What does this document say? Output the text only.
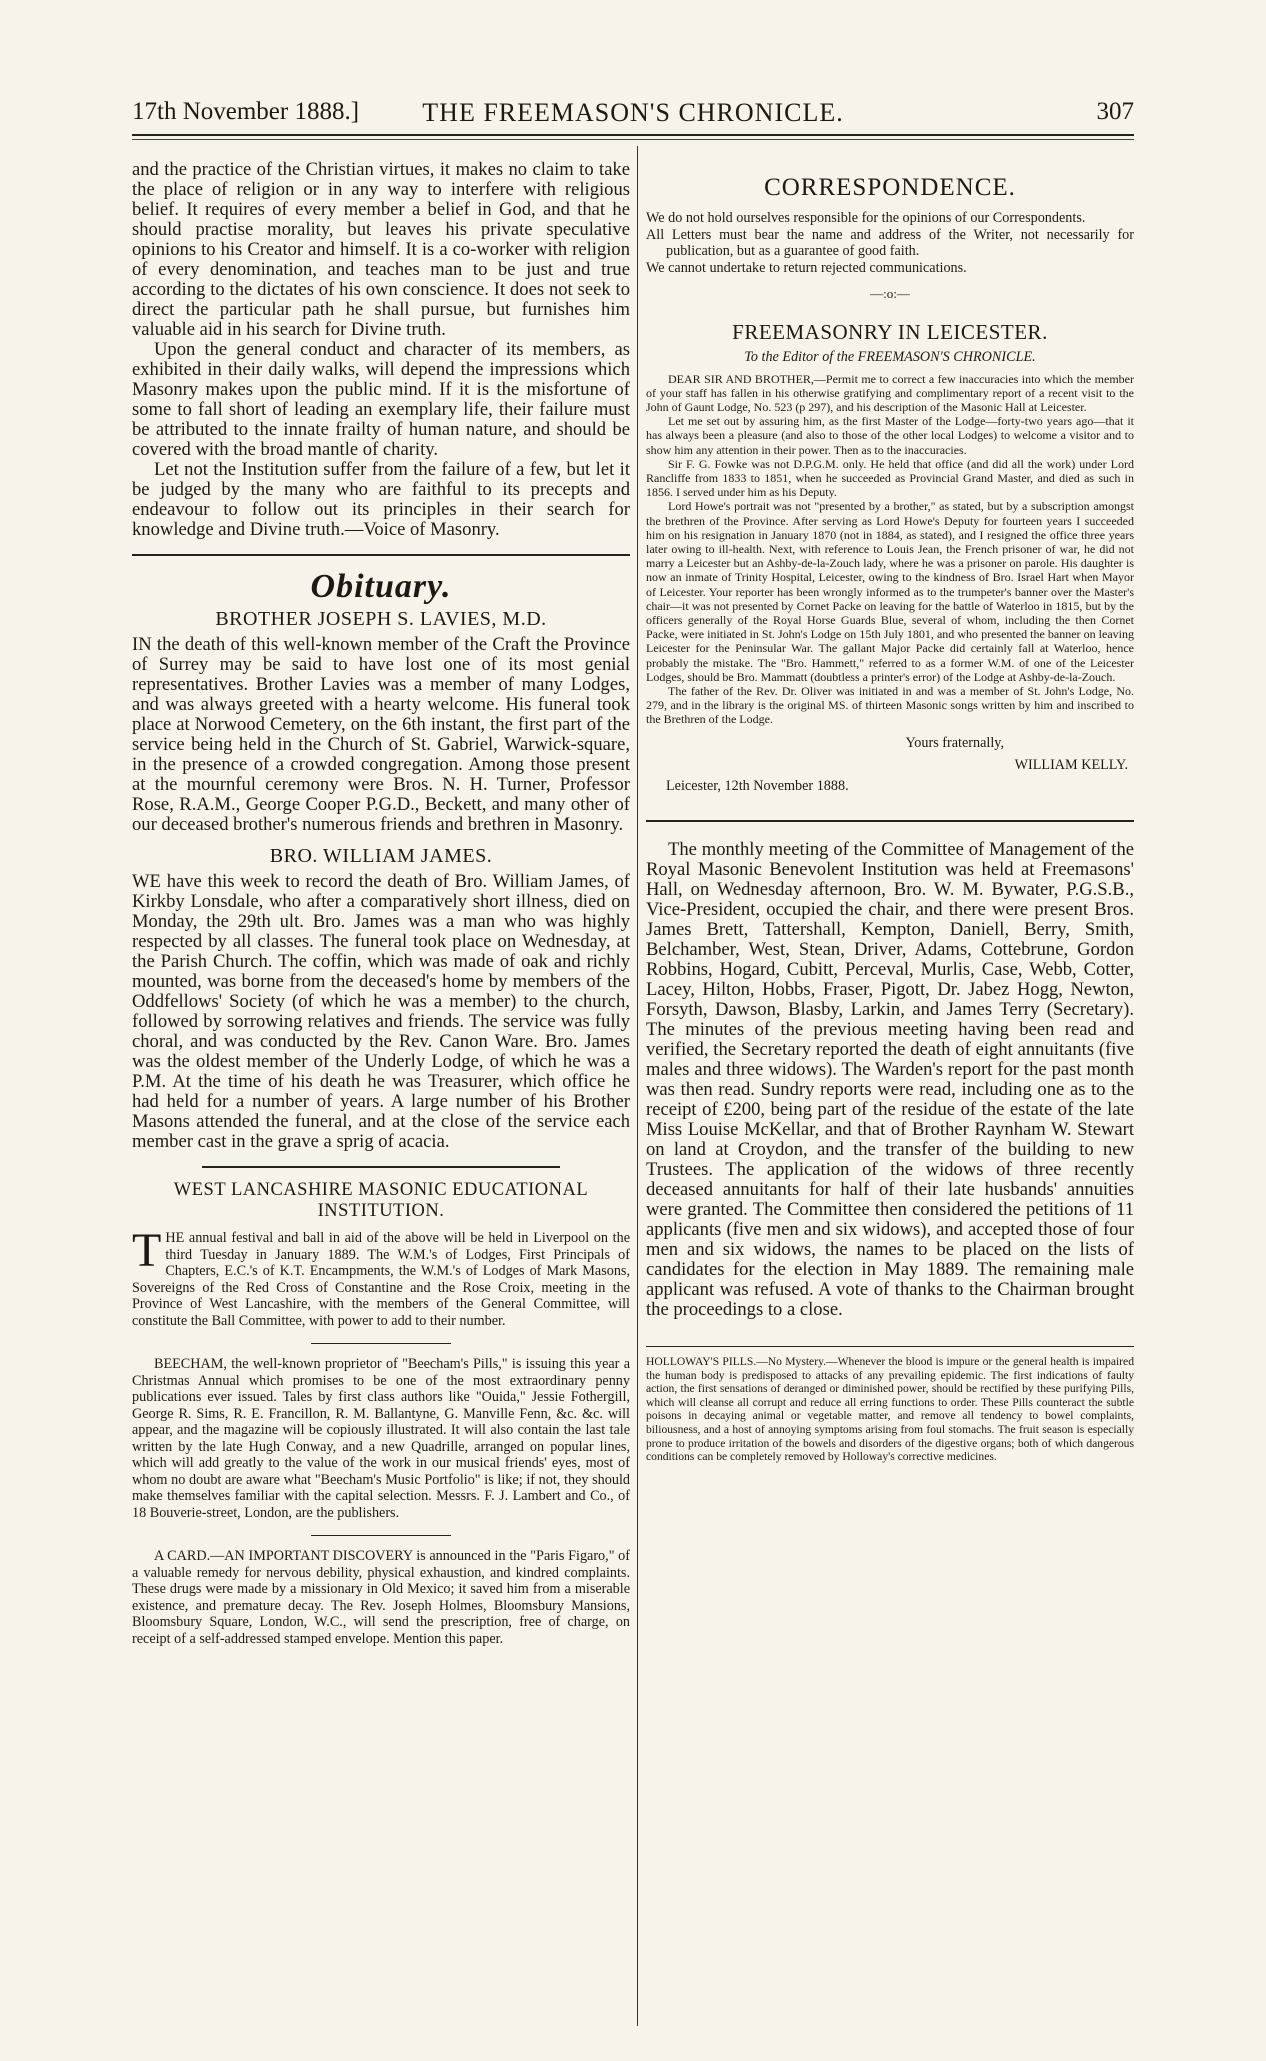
17th November 1888.]	THE FREEMASON'S CHRONICLE.	307

and the practice of the Christian virtues, it makes no claim to take the place of religion or in any way to interfere with religious belief. It requires of every member a belief in God, and that he should practise morality, but leaves his private speculative opinions to his Creator and himself. It is a co-worker with religion of every denomination, and teaches man to be just and true according to the dictates of his own conscience. It does not seek to direct the particular path he shall pursue, but furnishes him valuable aid in his search for Divine truth.

Upon the general conduct and character of its members, as exhibited in their daily walks, will depend the impressions which Masonry makes upon the public mind. If it is the misfortune of some to fall short of leading an exemplary life, their failure must be attributed to the innate frailty of human nature, and should be covered with the broad mantle of charity.

Let not the Institution suffer from the failure of a few, but let it be judged by the many who are faithful to its precepts and endeavour to follow out its principles in their search for knowledge and Divine truth.—Voice of Masonry.

Obituary.
BROTHER JOSEPH S. LAVIES, M.D.

IN the death of this well-known member of the Craft the Province of Surrey may be said to have lost one of its most genial representatives. Brother Lavies was a member of many Lodges, and was always greeted with a hearty welcome. His funeral took place at Norwood Cemetery, on the 6th instant, the first part of the service being held in the Church of St. Gabriel, Warwick-square, in the presence of a crowded congregation. Among those present at the mournful ceremony were Bros. N. H. Turner, Professor Rose, R.A.M., George Cooper P.G.D., Beckett, and many other of our deceased brother's numerous friends and brethren in Masonry.

BRO. WILLIAM JAMES.

WE have this week to record the death of Bro. William James, of Kirkby Lonsdale, who after a comparatively short illness, died on Monday, the 29th ult. Bro. James was a man who was highly respected by all classes. The funeral took place on Wednesday, at the Parish Church. The coffin, which was made of oak and richly mounted, was borne from the deceased's home by members of the Oddfellows' Society (of which he was a member) to the church, followed by sorrowing relatives and friends. The service was fully choral, and was conducted by the Rev. Canon Ware. Bro. James was the oldest member of the Underly Lodge, of which he was a P.M. At the time of his death he was Treasurer, which office he had held for a number of years. A large number of his Brother Masons attended the funeral, and at the close of the service each member cast in the grave a sprig of acacia.

WEST LANCASHIRE MASONIC EDUCATIONAL INSTITUTION.
T HE annual festival and ball in aid of the above will be held in Liverpool on the third Tuesday in January 1889. The W.M.'s of Lodges, First Principals of Chapters, E.C.'s of K.T. Encampments, the W.M.'s of Lodges of Mark Masons, Sovereigns of the Red Cross of Constantine and the Rose Croix, meeting in the Province of West Lancashire, with the members of the General Committee, will constitute the Ball Committee, with power to add to their number.

BEECHAM, the well-known proprietor of "Beecham's Pills," is issuing this year a Christmas Annual which promises to be one of the most extraordinary penny publications ever issued. Tales by first class authors like "Ouida," Jessie Fothergill, George R. Sims, R. E. Francillon, R. M. Ballantyne, G. Manville Fenn, &c. &c. will appear, and the magazine will be copiously illustrated. It will also contain the last tale written by the late Hugh Conway, and a new Quadrille, arranged on popular lines, which will add greatly to the value of the work in our musical friends' eyes, most of whom no doubt are aware what "Beecham's Music Portfolio" is like; if not, they should make themselves familiar with the capital selection. Messrs. F. J. Lambert and Co., of 18 Bouverie-street, London, are the publishers.

A CARD.—AN IMPORTANT DISCOVERY is announced in the "Paris Figaro," of a valuable remedy for nervous debility, physical exhaustion, and kindred complaints. These drugs were made by a missionary in Old Mexico; it saved him from a miserable existence, and premature decay. The Rev. Joseph Holmes, Bloomsbury Mansions, Bloomsbury Square, London, W.C., will send the prescription, free of charge, on receipt of a self-addressed stamped envelope. Mention this paper.

CORRESPONDENCE.

We do not hold ourselves responsible for the opinions of our Correspondents.

All Letters must bear the name and address of the Writer, not necessarily for publication, but as a guarantee of good faith.

We cannot undertake to return rejected communications.

—:o:—
FREEMASONRY IN LEICESTER.
To the Editor of the FREEMASON'S CHRONICLE.

DEAR SIR AND BROTHER,—Permit me to correct a few inaccuracies into which the member of your staff has fallen in his otherwise gratifying and complimentary report of a recent visit to the John of Gaunt Lodge, No. 523 (p 297), and his description of the Masonic Hall at Leicester.

Let me set out by assuring him, as the first Master of the Lodge—forty-two years ago—that it has always been a pleasure (and also to those of the other local Lodges) to welcome a visitor and to show him any attention in their power. Then as to the inaccuracies.

Sir F. G. Fowke was not D.P.G.M. only. He held that office (and did all the work) under Lord Rancliffe from 1833 to 1851, when he succeeded as Provincial Grand Master, and died as such in 1856. I served under him as his Deputy.

Lord Howe's portrait was not "presented by a brother," as stated, but by a subscription amongst the brethren of the Province. After serving as Lord Howe's Deputy for fourteen years I succeeded him on his resignation in January 1870 (not in 1884, as stated), and I resigned the office three years later owing to ill-health. Next, with reference to Louis Jean, the French prisoner of war, he did not marry a Leicester but an Ashby-de-la-Zouch lady, where he was a prisoner on parole. His daughter is now an inmate of Trinity Hospital, Leicester, owing to the kindness of Bro. Israel Hart when Mayor of Leicester. Your reporter has been wrongly informed as to the trumpeter's banner over the Master's chair—it was not presented by Cornet Packe on leaving for the battle of Waterloo in 1815, but by the officers generally of the Royal Horse Guards Blue, several of whom, including the then Cornet Packe, were initiated in St. John's Lodge on 15th July 1801, and who presented the banner on leaving Leicester for the Peninsular War. The gallant Major Packe did certainly fall at Waterloo, hence probably the mistake. The "Bro. Hammett," referred to as a former W.M. of one of the Leicester Lodges, should be Bro. Mammatt (doubtless a printer's error) of the Lodge at Ashby-de-la-Zouch.

The father of the Rev. Dr. Oliver was initiated in and was a member of St. John's Lodge, No. 279, and in the library is the original MS. of thirteen Masonic songs written by him and inscribed to the Brethren of the Lodge.

Yours fraternally,
WILLIAM KELLY.
Leicester, 12th November 1888.

The monthly meeting of the Committee of Management of the Royal Masonic Benevolent Institution was held at Freemasons' Hall, on Wednesday afternoon, Bro. W. M. Bywater, P.G.S.B., Vice-President, occupied the chair, and there were present Bros. James Brett, Tattershall, Kempton, Daniell, Berry, Smith, Belchamber, West, Stean, Driver, Adams, Cottebrune, Gordon Robbins, Hogard, Cubitt, Perceval, Murlis, Case, Webb, Cotter, Lacey, Hilton, Hobbs, Fraser, Pigott, Dr. Jabez Hogg, Newton, Forsyth, Dawson, Blasby, Larkin, and James Terry (Secretary). The minutes of the previous meeting having been read and verified, the Secretary reported the death of eight annuitants (five males and three widows). The Warden's report for the past month was then read. Sundry reports were read, including one as to the receipt of £200, being part of the residue of the estate of the late Miss Louise McKellar, and that of Brother Raynham W. Stewart on land at Croydon, and the transfer of the building to new Trustees. The application of the widows of three recently deceased annuitants for half of their late husbands' annuities were granted. The Committee then considered the petitions of 11 applicants (five men and six widows), and accepted those of four men and six widows, the names to be placed on the lists of candidates for the election in May 1889. The remaining male applicant was refused. A vote of thanks to the Chairman brought the proceedings to a close.

HOLLOWAY'S PILLS.—No Mystery.—Whenever the blood is impure or the general health is impaired the human body is predisposed to attacks of any prevailing epidemic. The first indications of faulty action, the first sensations of deranged or diminished power, should be rectified by these purifying Pills, which will cleanse all corrupt and reduce all erring functions to order. These Pills counteract the subtle poisons in decaying animal or vegetable matter, and remove all tendency to bowel complaints, biliousness, and a host of annoying symptoms arising from foul stomachs. The fruit season is especially prone to produce irritation of the bowels and disorders of the digestive organs; both of which dangerous conditions can be completely removed by Holloway's corrective medicines.
